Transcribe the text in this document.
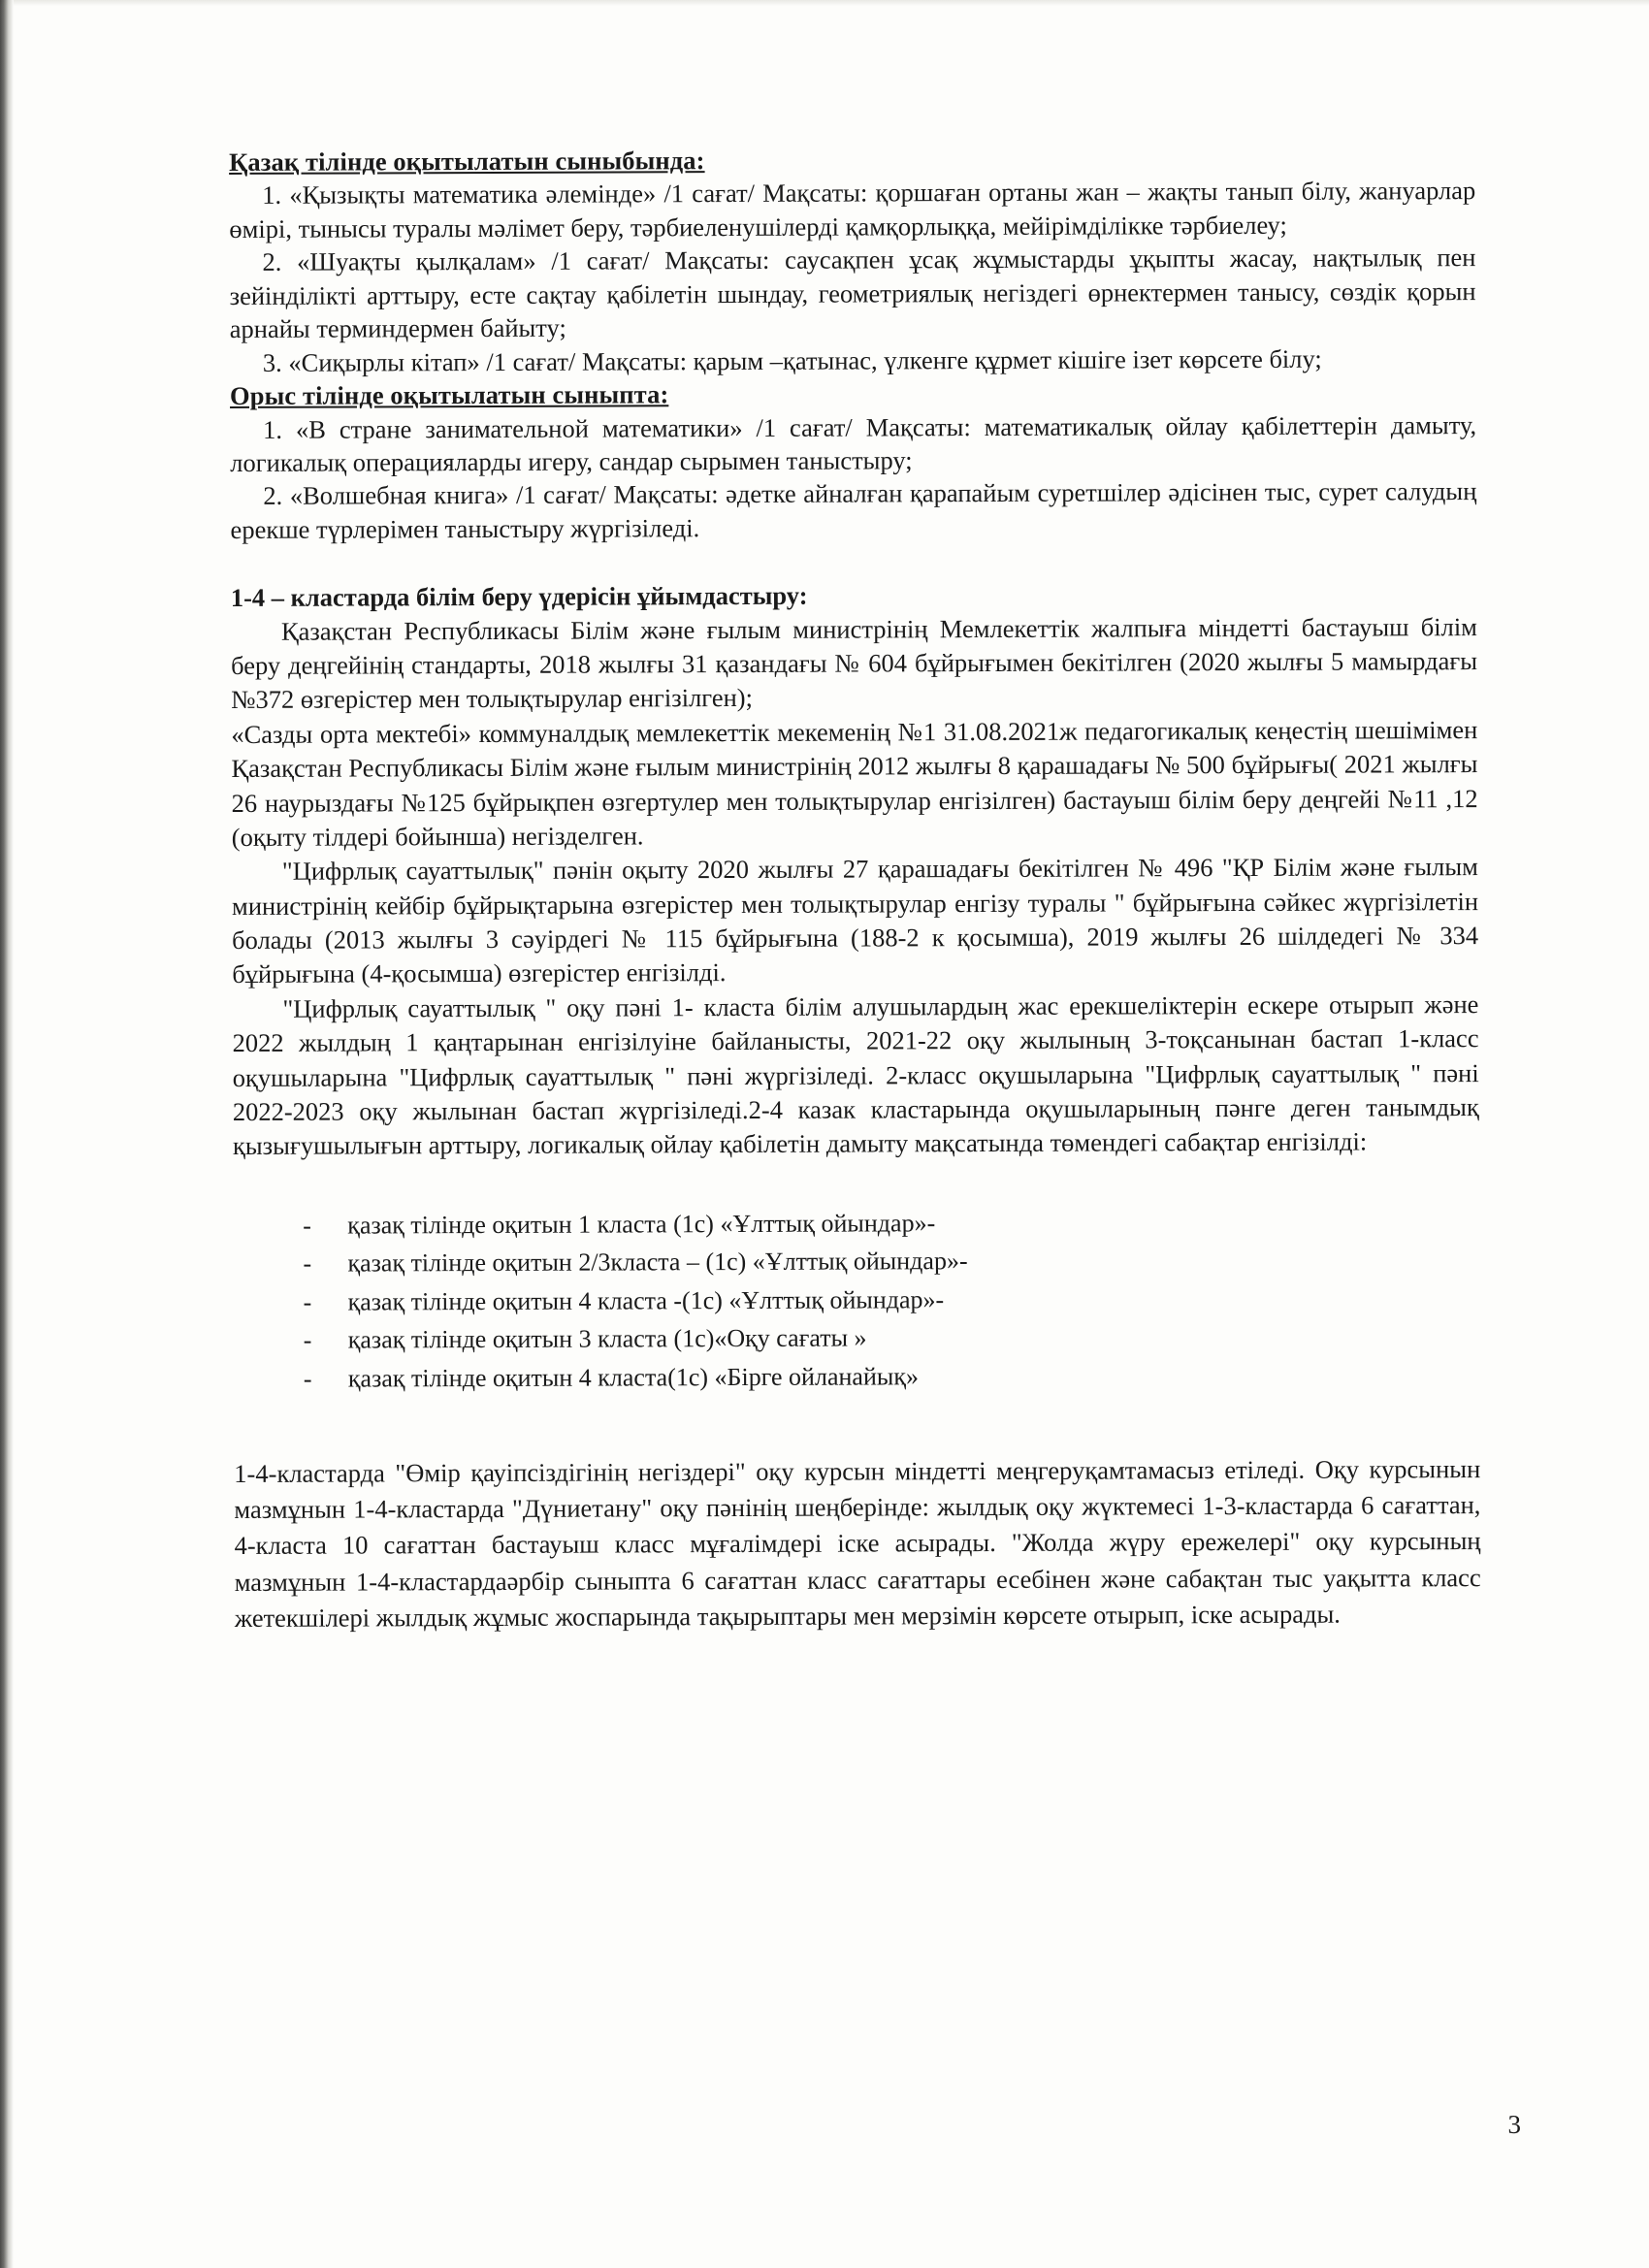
Қазақ тілінде оқытылатын сыныбында:

1. «Қызықты математика әлемінде» /1 сағат/ Мақсаты: қоршаған ортаны жан – жақты танып білу, жануарлар өмірі, тынысы туралы мәлімет беру, тәрбиеленушілерді қамқорлыққа, мейірімділікке тәрбиелеу;

2. «Шуақты қылқалам» /1 сағат/ Мақсаты: саусақпен ұсақ жұмыстарды ұқыпты жасау, нақтылық пен зейінділікті арттыру, есте сақтау қабілетін шындау, геометриялық негіздегі өрнектермен танысу, сөздік қорын арнайы терминдермен байыту;

3. «Сиқырлы кітап» /1 сағат/ Мақсаты: қарым –қатынас, үлкенге құрмет кішіге ізет көрсете білу;

Орыс тілінде оқытылатын сыныпта:

1. «В стране занимательной математики» /1 сағат/ Мақсаты: математикалық ойлау қабілеттерін дамыту, логикалық операцияларды игеру, сандар сырымен таныстыру;

2. «Волшебная книга» /1 сағат/ Мақсаты: әдетке айналған қарапайым суретшілер әдісінен тыс, сурет салудың ерекше түрлерімен таныстыру жүргізіледі.

1-4 – кластарда білім беру үдерісін ұйымдастыру:

Қазақстан Республикасы Білім және ғылым министрінің Мемлекеттік жалпыға міндетті бастауыш білім беру деңгейінің стандарты, 2018 жылғы 31 қазандағы № 604 бұйрығымен бекітілген (2020 жылғы 5 мамырдағы №372 өзгерістер мен толықтырулар енгізілген);

«Сазды орта мектебі» коммуналдық мемлекеттік мекеменің №1 31.08.2021ж педагогикалық кеңестің шешімімен Қазақстан Республикасы Білім және ғылым министрінің 2012 жылғы 8 қарашадағы № 500 бұйрығы( 2021 жылғы 26 наурыздағы №125 бұйрықпен өзгертулер мен толықтырулар енгізілген) бастауыш білім беру деңгейі №11 ,12 (оқыту тілдері бойынша) негізделген.

"Цифрлық сауаттылық" пәнін оқыту 2020 жылғы 27 қарашадағы бекітілген № 496 "ҚР Білім және ғылым министрінің кейбір бұйрықтарына өзгерістер мен толықтырулар енгізу туралы " бұйрығына сәйкес жүргізілетін болады (2013 жылғы 3 сәуірдегі № 115 бұйрығына (188-2 к қосымша), 2019 жылғы 26 шілдедегі № 334 бұйрығына (4-қосымша) өзгерістер енгізілді.

"Цифрлық сауаттылық " оқу пәні 1- класта білім алушылардың жас ерекшеліктерін ескере отырып және 2022 жылдың 1 қаңтарынан енгізілуіне байланысты, 2021-22 оқу жылының 3-тоқсанынан бастап 1-класс оқушыларына "Цифрлық сауаттылық " пәні жүргізіледі. 2-класс оқушыларына "Цифрлық сауаттылық " пәні 2022-2023 оқу жылынан бастап жүргізіледі.2-4 казак кластарында оқушыларының пәнге деген танымдық қызығушылығын арттыру, логикалық ойлау қабілетін дамыту мақсатында төмендегі сабақтар енгізілді:

- қазақ тілінде оқитын 1 класта (1с) «Ұлттық ойындар»-
- қазақ тілінде оқитын 2/3класта – (1с) «Ұлттық ойындар»-
- қазақ тілінде оқитын 4 класта -(1с) «Ұлттық ойындар»-
- қазақ тілінде оқитын 3 класта (1с)«Оқу сағаты »
- қазақ тілінде оқитын 4 класта(1с) «Бірге ойланайық»

1-4-кластарда "Өмір қауіпсіздігінің негіздері" оқу курсын міндетті меңгеруқамтамасыз етіледі. Оқу курсынын мазмұнын 1-4-кластарда "Дүниетану" оқу пәнінің шеңберінде: жылдық оқу жүктемесі 1-3-кластарда 6 сағаттан, 4-класта 10 сағаттан бастауыш класс мұғалімдері іске асырады. "Жолда жүру ережелері" оқу курсының мазмұнын 1-4-кластардаәрбір сыныпта 6 сағаттан класс сағаттары есебінен және сабақтан тыс уақытта класс жетекшілері жылдық жұмыс жоспарында тақырыптары мен мерзімін көрсете отырып, іске асырады.

3
